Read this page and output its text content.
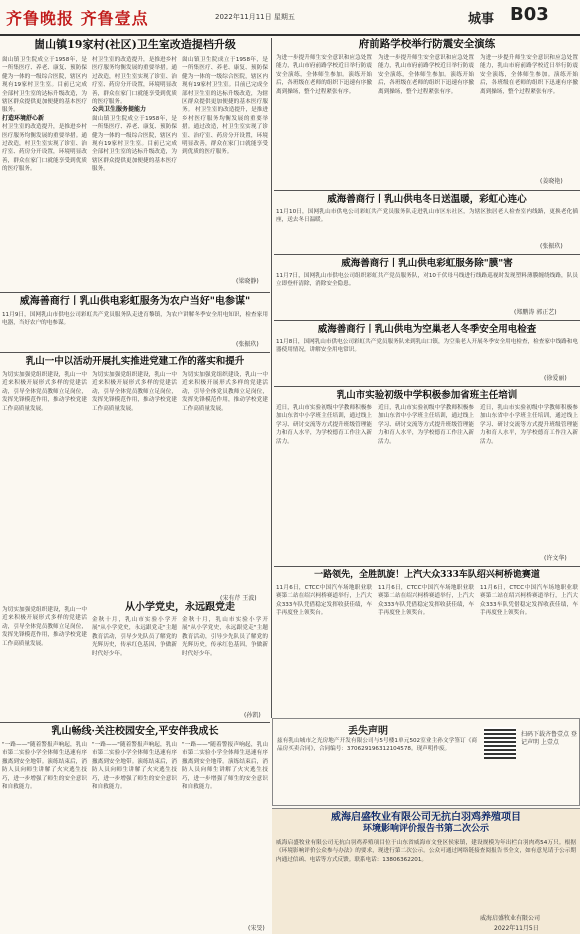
齐鲁晚报 齐鲁壹点	2022年11月11日 星期五	城事 B03
崮山镇19家村(社区)卫生室改造提档升级
崮山镇卫生院成立于1958年，是一所集医疗、养老、康复、预防保健为一体的一级综合医院，辖区内现有19家村卫生室。目前已完成全部村卫生室的达标升级改造，为辖区群众提供更加便捷的基本医疗服务。
打造环境舒心新
村卫生室的改造提升，是推进乡村医疗服务均衡发展的重要举措。通过改造，村卫生室实现了诊室、治疗室、药房分开设置，环境明显改善，群众在家门口就能享受到优质的医疗服务。
村卫生室的改造提升，是推进乡村医疗服务均衡发展的重要举措。通过改造，村卫生室实现了诊室、治疗室、药房分开设置，环境明显改善，群众在家门口就能享受到优质的医疗服务。
公共卫生服务提能力
崮山镇卫生院成立于1958年，是一所集医疗、养老、康复、预防保健为一体的一级综合医院，辖区内现有19家村卫生室。目前已完成全部村卫生室的达标升级改造，为辖区群众提供更加便捷的基本医疗服务。
崮山镇卫生院成立于1958年，是一所集医疗、养老、康复、预防保健为一体的一级综合医院，辖区内现有19家村卫生室。目前已完成全部村卫生室的达标升级改造，为辖区群众提供更加便捷的基本医疗服务。 村卫生室的改造提升，是推进乡村医疗服务均衡发展的重要举措。通过改造，村卫生室实现了诊室、治疗室、药房分开设置，环境明显改善，群众在家门口就能享受到优质的医疗服务。
(梁晓静)
威海善商行丨乳山供电彩虹服务为农户当好"电参谋"
11月9日，国网乳山市供电公司彩虹共产党员服务队走进育黎镇，为农户讲解冬季安全用电知识，检查家用电器，当好农户的电参谋。
(张振玖)
乳山一中以活动开展扎实推进党建工作的落实和提升
为切实加强党组织建设，乳山一中近来积极开展形式多样的党建活动，引导全体党员教师立足岗位，发挥先锋模范作用，推动学校党建工作高质量发展。
为切实加强党组织建设，乳山一中近来积极开展形式多样的党建活动，引导全体党员教师立足岗位，发挥先锋模范作用，推动学校党建工作高质量发展。
为切实加强党组织建设，乳山一中近来积极开展形式多样的党建活动，引导全体党员教师立足岗位，发挥先锋模范作用，推动学校党建工作高质量发展。
(宋有芹 王波)
从小学党史，永远跟党走
金秋十月，乳山市实验小学开展"从小学党史，永远跟党走"主题教育活动，引导少先队员了解党的光辉历史，传承红色基因，争做新时代好少年。
金秋十月，乳山市实验小学开展"从小学党史，永远跟党走"主题教育活动，引导少先队员了解党的光辉历史，传承红色基因，争做新时代好少年。
(孙凯)
为切实加强党组织建设，乳山一中近来积极开展形式多样的党建活动，引导全体党员教师立足岗位，发挥先锋模范作用，推动学校党建工作高质量发展。
乳山畅线·关注校园安全,平安伴我成长
"一路——"随着警报声响起，乳山市第二实验小学全体师生迅速有序撤离到安全地带。演练结束后，消防人员向师生讲解了火灾逃生技巧，进一步增强了师生的安全意识和自救能力。
"一路——"随着警报声响起，乳山市第二实验小学全体师生迅速有序撤离到安全地带。演练结束后，消防人员向师生讲解了火灾逃生技巧，进一步增强了师生的安全意识和自救能力。
"一路——"随着警报声响起，乳山市第二实验小学全体师生迅速有序撤离到安全地带。演练结束后，消防人员向师生讲解了火灾逃生技巧，进一步增强了师生的安全意识和自救能力。
(宋旻)
府前路学校举行防震安全演练
为进一步提升师生安全意识和应急处置能力，乳山市府前路学校近日举行防震安全演练，全体师生参加。演练开始后，各班级在老师的组织下迅速有序撤离到操场，整个过程紧张有序。
为进一步提升师生安全意识和应急处置能力，乳山市府前路学校近日举行防震安全演练，全体师生参加。演练开始后，各班级在老师的组织下迅速有序撤离到操场，整个过程紧张有序。
为进一步提升师生安全意识和应急处置能力，乳山市府前路学校近日举行防震安全演练，全体师生参加。演练开始后，各班级在老师的组织下迅速有序撤离到操场，整个过程紧张有序。
(姜晓艳)
威海善商行丨乳山供电冬日送温暖，彩虹心连心
11月10日，国网乳山市供电公司彩虹共产党员服务队走进乳山市区东社区，为辖区独居老人检查室内线路，更换老化插座，送去冬日温暖。
(张振玖)
威海善商行丨乳山供电彩虹服务除"膜"害
11月7日，国网乳山市供电公司组织彩虹共产党员服务队，对10千伏母马线进行线路巡视时发现塑料薄膜缠绕线路，队员立即登杆清除，消除安全隐患。
(郑鹏涛 郭正艺)
威海善商行丨乳山供电为空巢老人冬季安全用电检查
11月8日，国网乳山市供电公司彩虹共产党员服务队来到乳山口镇，为空巢老人开展冬季安全用电检查，检查家中线路和电器使用情况，讲解安全用电常识。
(徐爱丽)
乳山市实验初级中学积极参加省班主任培训
近日，乳山市实验初级中学教师积极参加山东省中小学班主任培训，通过线上学习、研讨交流等方式提升班级管理能力和育人水平，为学校德育工作注入新活力。
近日，乳山市实验初级中学教师积极参加山东省中小学班主任培训，通过线上学习、研讨交流等方式提升班级管理能力和育人水平，为学校德育工作注入新活力。
近日，乳山市实验初级中学教师积极参加山东省中小学班主任培训，通过线上学习、研讨交流等方式提升班级管理能力和育人水平，为学校德育工作注入新活力。
(许文华)
一路领先，全胜凯旋！上汽大众333车队绍兴柯桥诡赛道
11月6日，CTCC中国汽车场地职业联赛第二站在绍兴柯桥赛道举行，上汽大众333车队凭借稳定发挥收获佳绩，车手再度登上领奖台。
11月6日，CTCC中国汽车场地职业联赛第二站在绍兴柯桥赛道举行，上汽大众333车队凭借稳定发挥收获佳绩，车手再度登上领奖台。
11月6日，CTCC中国汽车场地职业联赛第二站在绍兴柯桥赛道举行，上汽大众333车队凭借稳定发挥收获佳绩，车手再度登上领奖台。
丢失声明
兹有乳山城市之光房地产开发有限公司与5号楼1单元502室业主孙文学签订《商品房买卖合同》，合同编号：370629196312104578。现声明作废。
扫码下载齐鲁壹点 登记声明 上壹点
威海启盛牧业有限公司无抗白羽鸡养殖项目
环境影响评价报告书第二次公示
威海启盛牧业有限公司无抗白羽鸡养殖项目位于山东省威海市文登区侯家镇，建设规模为年出栏白羽肉鸡54万只。根据《环境影响评价公众参与办法》的要求，现进行第二次公示。公众可通过网络链接查阅报告书全文，如有意见请于公示期内通过信函、电话等方式反馈。联系电话：13806362201。
威海启盛牧业有限公司
2022年11月5日
